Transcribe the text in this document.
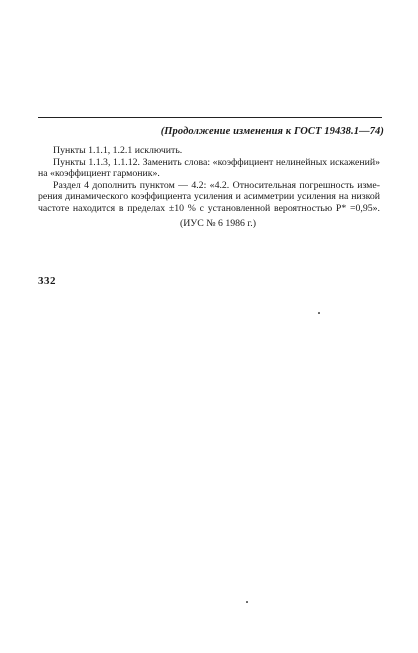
(Продолжение изменения к ГОСТ 19438.1—74)
Пункты 1.1.1, 1.2.1 исключить.
Пункты 1.1.3, 1.1.12. Заменить слова: «коэффициент нелинейных искажений»
на «коэффициент гармоник».
Раздел 4 дополнить пунктом — 4.2: «4.2. Относительная погрешность изме-
рения динамического коэффициента усиления и асимметрии усиления на низкой
частоте находится в пределах ±10 % с установленной вероятностью P* =0,95».
(ИУС № 6 1986 г.)
332
